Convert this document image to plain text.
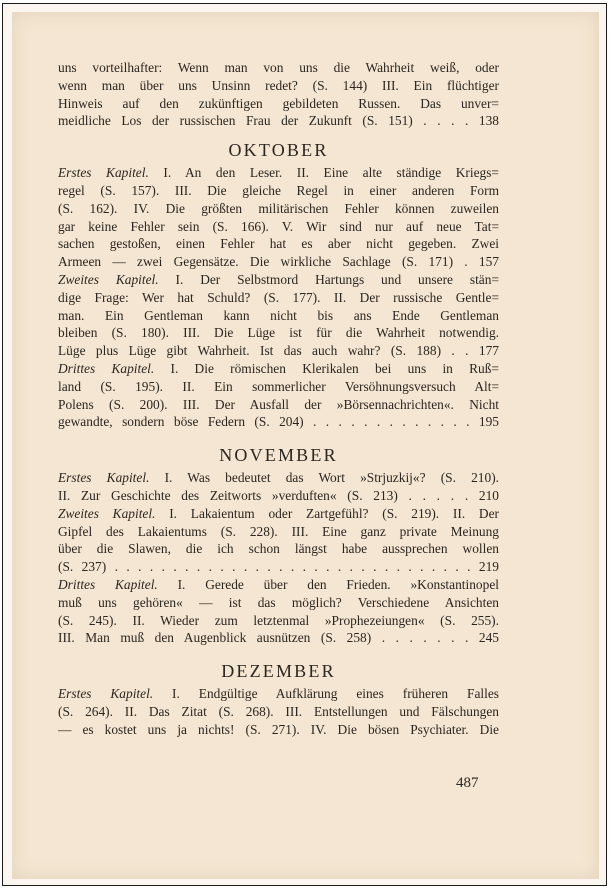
uns vorteilhafter: Wenn man von uns die Wahrheit weiß, oder

wenn man über uns Unsinn redet? (S. 144) III. Ein flüchtiger

Hinweis auf den zukünftigen gebildeten Russen. Das unver=

meidliche Los der russischen Frau der Zukunft (S. 151) . . . . 138

OKTOBER

Erstes Kapitel. I. An den Leser. II. Eine alte ständige Kriegs=

regel (S. 157). III. Die gleiche Regel in einer anderen Form

(S. 162). IV. Die größten militärischen Fehler können zuweilen

gar keine Fehler sein (S. 166). V. Wir sind nur auf neue Tat=

sachen gestoßen, einen Fehler hat es aber nicht gegeben. Zwei

Armeen — zwei Gegensätze. Die wirkliche Sachlage (S. 171) . 157

Zweites Kapitel. I. Der Selbstmord Hartungs und unsere stän=

dige Frage: Wer hat Schuld? (S. 177). II. Der russische Gentle=

man. Ein Gentleman kann nicht bis ans Ende Gentleman

bleiben (S. 180). III. Die Lüge ist für die Wahrheit notwendig.

Lüge plus Lüge gibt Wahrheit. Ist das auch wahr? (S. 188) . . 177

Drittes Kapitel. I. Die römischen Klerikalen bei uns in Ruß=

land (S. 195). II. Ein sommerlicher Versöhnungsversuch Alt=

Polens (S. 200). III. Der Ausfall der »Börsennachrichten«. Nicht

gewandte, sondern böse Federn (S. 204) . . . . . . . . . . . . . 195

NOVEMBER

Erstes Kapitel. I. Was bedeutet das Wort »Strjuzkij«? (S. 210).

II. Zur Geschichte des Zeitworts »verduften« (S. 213) . . . . . 210

Zweites Kapitel. I. Lakaientum oder Zartgefühl? (S. 219). II. Der

Gipfel des Lakaientums (S. 228). III. Eine ganz private Meinung

über die Slawen, die ich schon längst habe aussprechen wollen

(S. 237) . . . . . . . . . . . . . . . . . . . . . . . . . . . . . . . 219

Drittes Kapitel. I. Gerede über den Frieden. »Konstantinopel

muß uns gehören« — ist das möglich? Verschiedene Ansichten

(S. 245). II. Wieder zum letztenmal »Prophezeiungen« (S. 255).

III. Man muß den Augenblick ausnützen (S. 258) . . . . . . . 245

DEZEMBER

Erstes Kapitel. I. Endgültige Aufklärung eines früheren Falles

(S. 264). II. Das Zitat (S. 268). III. Entstellungen und Fälschungen

— es kostet uns ja nichts! (S. 271). IV. Die bösen Psychiater. Die

487
